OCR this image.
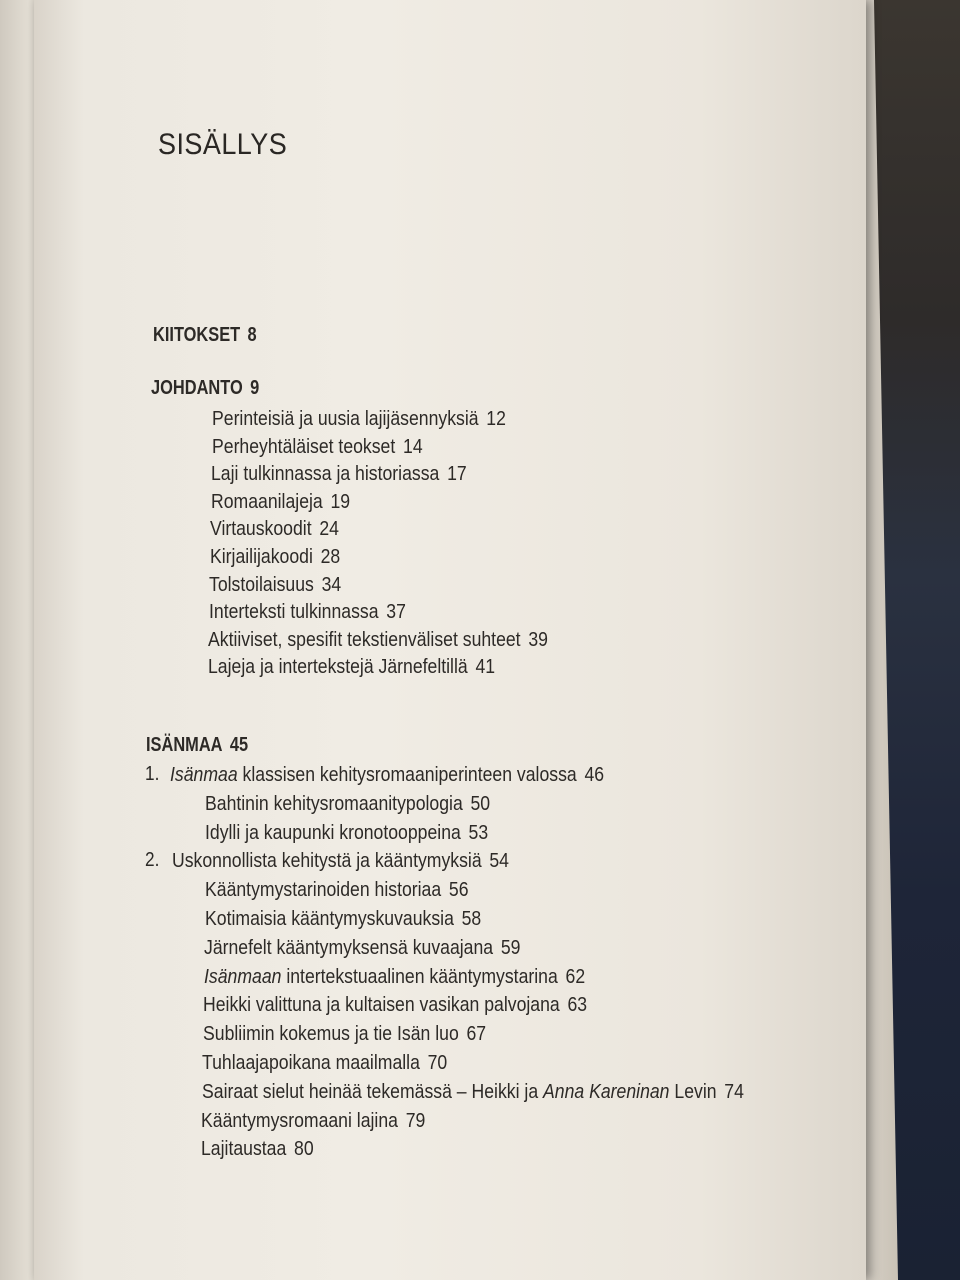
SISÄLLYS
KIITOKSET 8
JOHDANTO 9
ISÄNMAA 45
Perinteisiä ja uusia lajijäsennyksiä 12
Perheyhtäläiset teokset 14
Laji tulkinnassa ja historiassa 17
Romaanilajeja 19
Virtauskoodit 24
Kirjailijakoodi 28
Tolstoilaisuus 34
Interteksti tulkinnassa 37
Aktiiviset, spesifit tekstienväliset suhteet 39
Lajeja ja intertekstejä Järnefeltillä 41
1. Isänmaa klassisen kehitysromaaniperinteen valossa 46
Bahtinin kehitysromaanitypologia 50
Idylli ja kaupunki kronotooppeina 53
2. Uskonnollista kehitystä ja kääntymyksiä 54
Kääntymystarinoiden historiaa 56
Kotimaisia kääntymyskuvauksia 58
Järnefelt kääntymyksensä kuvaajana 59
Isänmaan intertekstuaalinen kääntymystarina 62
Heikki valittuna ja kultaisen vasikan palvojana 63
Subliimin kokemus ja tie Isän luo 67
Tuhlaajapoikana maailmalla 70
Sairaat sielut heinää tekemässä – Heikki ja Anna Kareninan Levin 74
Kääntymysromaani lajina 79
Lajitaustaa 80
